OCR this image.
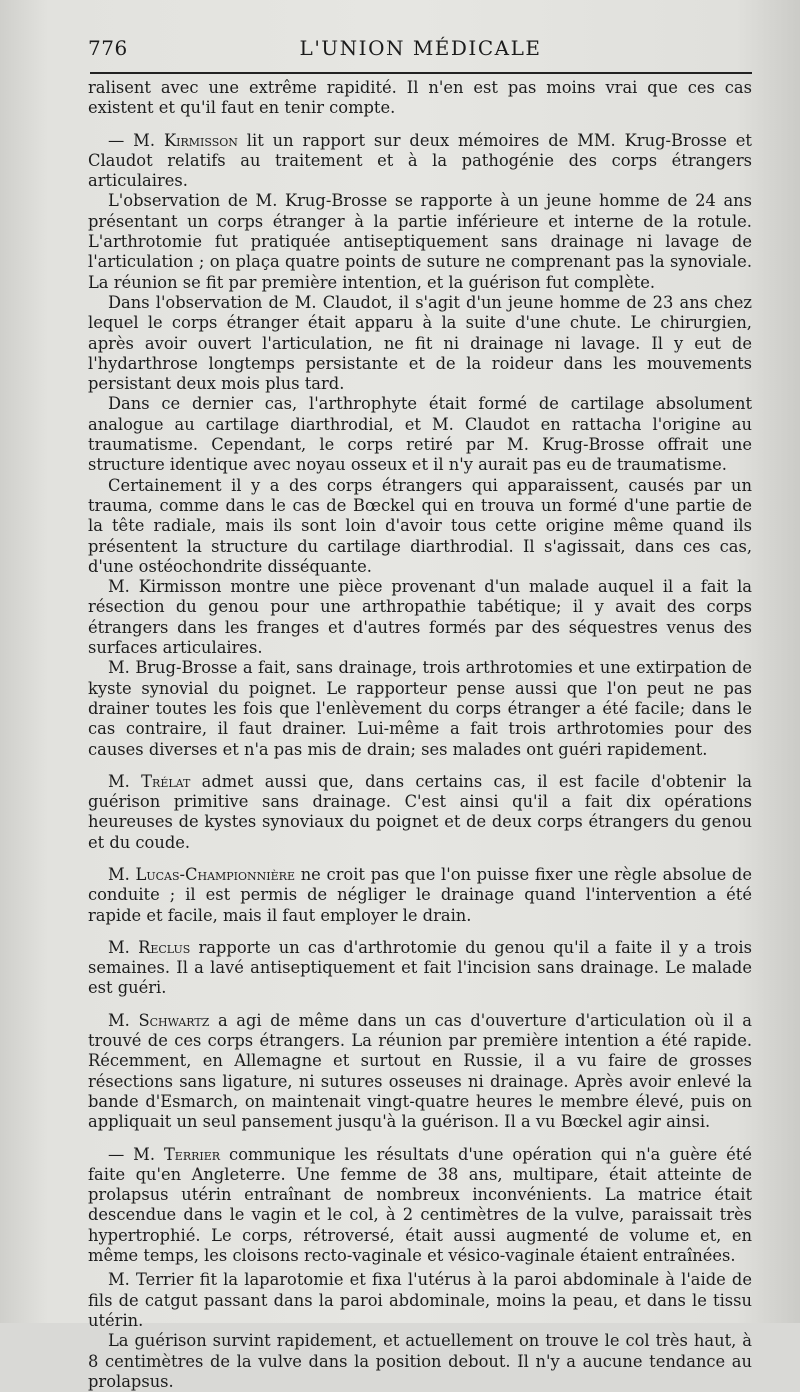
776	L'UNION MÉDICALE

ralisent avec une extrême rapidité. Il n'en est pas moins vrai que ces cas existent et qu'il faut en tenir compte.

— M. Kirmisson lit un rapport sur deux mémoires de MM. Krug-Brosse et Claudot relatifs au traitement et à la pathogénie des corps étrangers articulaires.

L'observation de M. Krug-Brosse se rapporte à un jeune homme de 24 ans présentant un corps étranger à la partie inférieure et interne de la rotule. L'arthrotomie fut pratiquée antiseptiquement sans drainage ni lavage de l'articulation ; on plaça quatre points de suture ne comprenant pas la synoviale. La réunion se fit par première intention, et la guérison fut complète.

Dans l'observation de M. Claudot, il s'agit d'un jeune homme de 23 ans chez lequel le corps étranger était apparu à la suite d'une chute. Le chirurgien, après avoir ouvert l'articulation, ne fit ni drainage ni lavage. Il y eut de l'hydarthrose longtemps persistante et de la roideur dans les mouvements persistant deux mois plus tard.

Dans ce dernier cas, l'arthrophyte était formé de cartilage absolument analogue au cartilage diarthrodial, et M. Claudot en rattacha l'origine au traumatisme. Cependant, le corps retiré par M. Krug-Brosse offrait une structure identique avec noyau osseux et il n'y aurait pas eu de traumatisme.

Certainement il y a des corps étrangers qui apparaissent, causés par un trauma, comme dans le cas de Bœckel qui en trouva un formé d'une partie de la tête radiale, mais ils sont loin d'avoir tous cette origine même quand ils présentent la structure du cartilage diarthrodial. Il s'agissait, dans ces cas, d'une ostéochondrite disséquante.

M. Kirmisson montre une pièce provenant d'un malade auquel il a fait la résection du genou pour une arthropathie tabétique; il y avait des corps étrangers dans les franges et d'autres formés par des séquestres venus des surfaces articulaires.

M. Brug-Brosse a fait, sans drainage, trois arthrotomies et une extirpation de kyste synovial du poignet. Le rapporteur pense aussi que l'on peut ne pas drainer toutes les fois que l'enlèvement du corps étranger a été facile; dans le cas contraire, il faut drainer. Lui-même a fait trois arthrotomies pour des causes diverses et n'a pas mis de drain; ses malades ont guéri rapidement.

M. Trélat admet aussi que, dans certains cas, il est facile d'obtenir la guérison primitive sans drainage. C'est ainsi qu'il a fait dix opérations heureuses de kystes synoviaux du poignet et de deux corps étrangers du genou et du coude.

M. Lucas-Championnière ne croit pas que l'on puisse fixer une règle absolue de conduite ; il est permis de négliger le drainage quand l'intervention a été rapide et facile, mais il faut employer le drain.

M. Reclus rapporte un cas d'arthrotomie du genou qu'il a faite il y a trois semaines. Il a lavé antiseptiquement et fait l'incision sans drainage. Le malade est guéri.

M. Schwartz a agi de même dans un cas d'ouverture d'articulation où il a trouvé de ces corps étrangers. La réunion par première intention a été rapide. Récemment, en Allemagne et surtout en Russie, il a vu faire de grosses résections sans ligature, ni sutures osseuses ni drainage. Après avoir enlevé la bande d'Esmarch, on maintenait vingt-quatre heures le membre élevé, puis on appliquait un seul pansement jusqu'à la guérison. Il a vu Bœckel agir ainsi.

— M. Terrier communique les résultats d'une opération qui n'a guère été faite qu'en Angleterre. Une femme de 38 ans, multipare, était atteinte de prolapsus utérin entraînant de nombreux inconvénients. La matrice était descendue dans le vagin et le col, à 2 centimètres de la vulve, paraissait très hypertrophié. Le corps, rétroversé, était aussi augmenté de volume et, en même temps, les cloisons recto-vaginale et vésico-vaginale étaient entraînées.

M. Terrier fit la laparotomie et fixa l'utérus à la paroi abdominale à l'aide de fils de catgut passant dans la paroi abdominale, moins la peau, et dans le tissu utérin.

La guérison survint rapidement, et actuellement on trouve le col très haut, à 8 centimètres de la vulve dans la position debout. Il n'y a aucune tendance au prolapsus.
